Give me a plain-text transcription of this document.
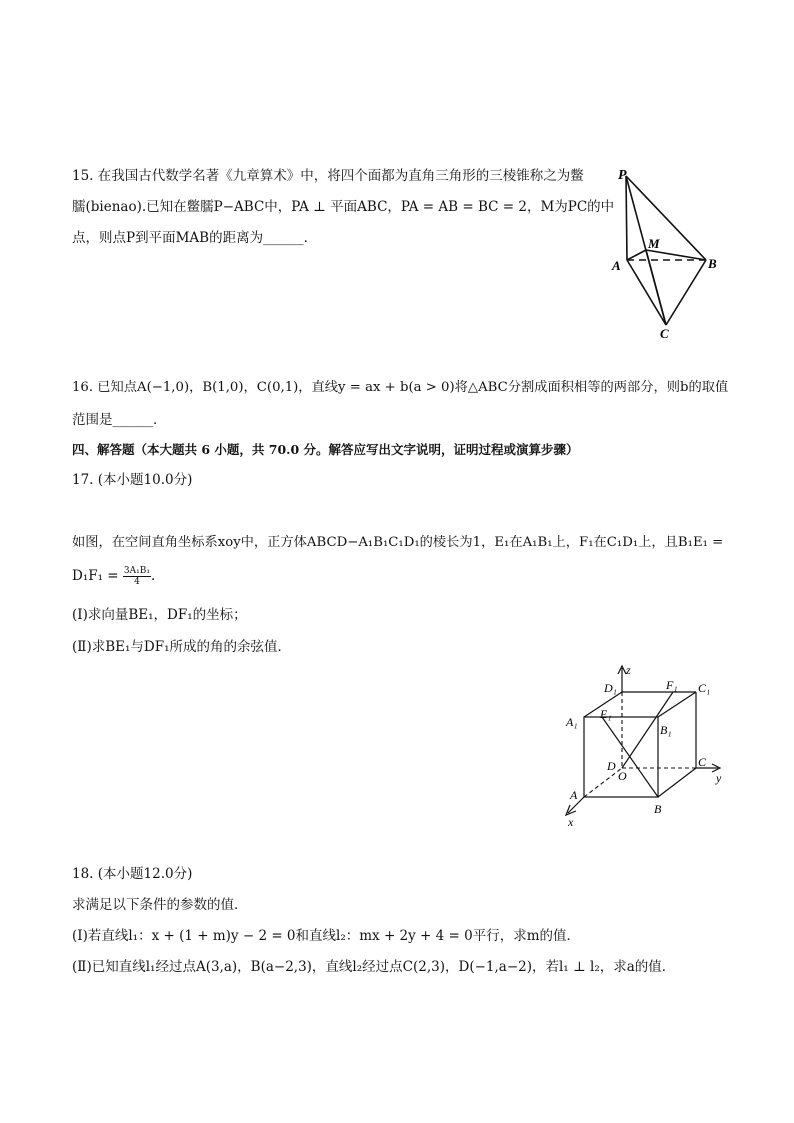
15. 在我国古代数学名著《九章算术》中，将四个面都为直角三角形的三棱锥称之为鳖
臑(bienao).已知在鳖臑P−ABC中，PA ⊥ 平面ABC，PA = AB = BC = 2，M为PC的中
点，则点P到平面MAB的距离为______．
P
M
A	B
C
16. 已知点A(−1,0)，B(1,0)，C(0,1)，直线y = ax + b(a > 0)将△ABC分割成面积相等的两部分，则b的取值
范围是______．
四、解答题（本大题共 6 小题，共 70.0 分。解答应写出文字说明，证明过程或演算步骤）
17. (本小题10.0分)
如图，在空间直角坐标系xoy中，正方体ABCD−A₁B₁C₁D₁的棱长为1，E₁在A₁B₁上，F₁在C₁D₁上，且B₁E₁ =
$D_1F_1 = \frac{\text{3A₁B₁}}{4}$ .
(Ⅰ)求向量BE₁，DF₁的坐标；
(Ⅱ)求BE₁与DF₁所成的角的余弦值．
z
y
x
D₁	F₁ C₁
A₁
E₁
B₁
D
O
C
A
B
18. (本小题12.0分)
求满足以下条件的参数的值．
(Ⅰ)若直线l₁：x + (1 + m)y − 2 = 0和直线l₂：mx + 2y + 4 = 0平行，求m的值．
(Ⅱ)已知直线l₁经过点A(3,a)，B(a−2,3)，直线l₂经过点C(2,3)，D(−1,a−2)，若l₁ ⊥ l₂，求a的值．
